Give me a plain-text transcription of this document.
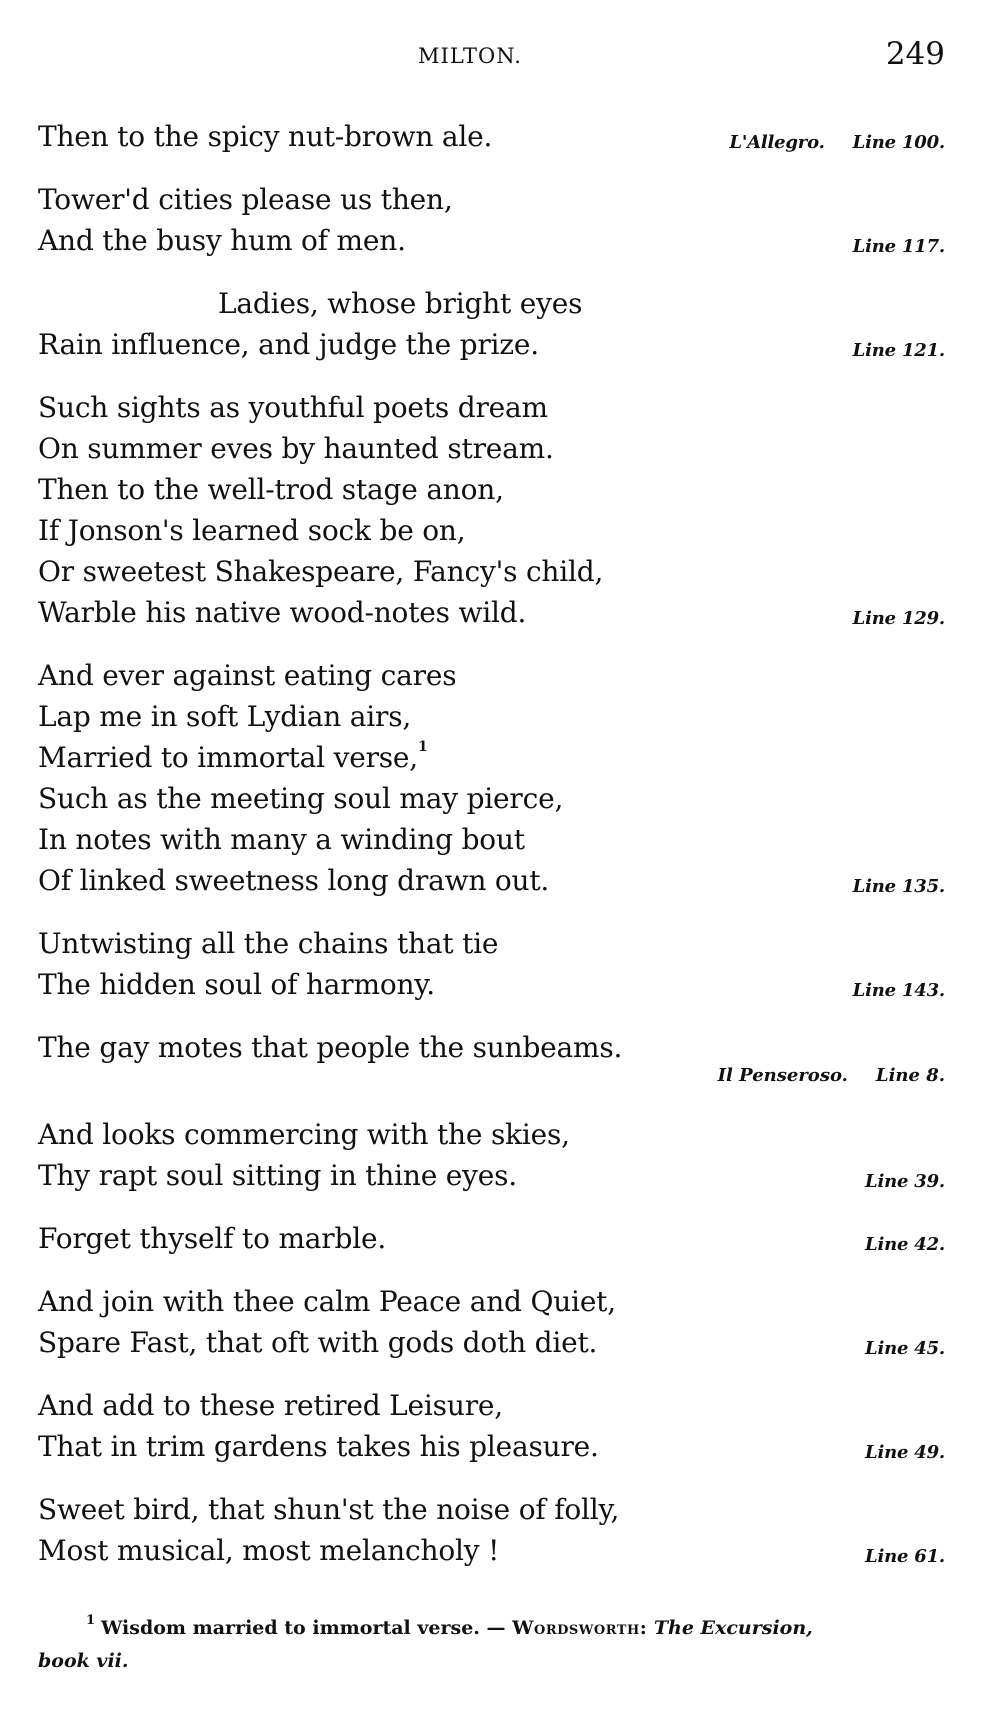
MILTON.	249
Then to the spicy nut-brown ale.	L'Allegro. Line 100.
Tower'd cities please us then,
And the busy hum of men.	Line 117.
Ladies, whose bright eyes
Rain influence, and judge the prize.	Line 121.
Such sights as youthful poets dream
On summer eves by haunted stream.
Then to the well-trod stage anon,
If Jonson's learned sock be on,
Or sweetest Shakespeare, Fancy's child,
Warble his native wood-notes wild.	Line 129.
And ever against eating cares
Lap me in soft Lydian airs,
Married to immortal verse,$^1$
Such as the meeting soul may pierce,
In notes with many a winding bout
Of linked sweetness long drawn out.	Line 135.
Untwisting all the chains that tie
The hidden soul of harmony.	Line 143.
The gay motes that people the sunbeams.
Il Penseroso. Line 8.
And looks commercing with the skies,
Thy rapt soul sitting in thine eyes.	Line 39.
Forget thyself to marble.	Line 42.
And join with thee calm Peace and Quiet,
Spare Fast, that oft with gods doth diet.	Line 45.
And add to these retired Leisure,
That in trim gardens takes his pleasure.	Line 49.
Sweet bird, that shun'st the noise of folly,
Most musical, most melancholy !	Line 61.
$^1$ Wisdom married to immortal verse. — Wordsworth: The Excursion,
book vii.
